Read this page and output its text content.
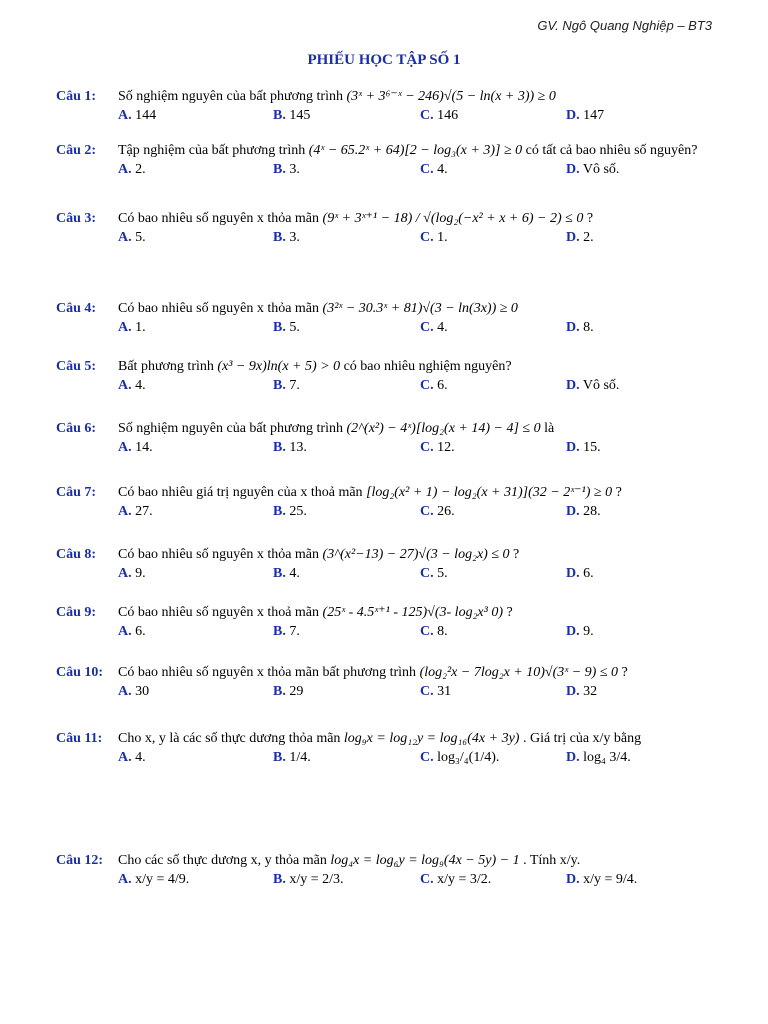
GV. Ngô Quang Nghiệp – BT3
PHIẾU HỌC TẬP SỐ 1
Câu 1:	Số nghiệm nguyên của bất phương trình (3ˣ + 3⁶⁻ˣ − 246)√(5 − ln(x + 3)) ≥ 0
A. 144	B. 145	C. 146	D. 147
Câu 2:	Tập nghiệm của bất phương trình (4ˣ − 65.2ˣ + 64)[2 − log₃(x + 3)] ≥ 0 có tất cả bao nhiêu số nguyên?
A. 2.	B. 3.	C. 4.	D. Vô số.
Câu 3:	Có bao nhiêu số nguyên x thỏa mãn (9ˣ + 3ˣ⁺¹ − 18) / √(log₂(−x² + x + 6) − 2) ≤ 0 ?
A. 5.	B. 3.	C. 1.	D. 2.
Câu 4:	Có bao nhiêu số nguyên x thỏa mãn (3²ˣ − 30.3ˣ + 81)√(3 − ln(3x)) ≥ 0
A. 1.	B. 5.	C. 4.	D. 8.
Câu 5:	Bất phương trình (x³ − 9x)ln(x + 5) > 0 có bao nhiêu nghiệm nguyên?
A. 4.	B. 7.	C. 6.	D. Vô số.
Câu 6:	Số nghiệm nguyên của bất phương trình (2^(x²) − 4ˣ)[log₂(x + 14) − 4] ≤ 0 là
A. 14.	B. 13.	C. 12.	D. 15.
Câu 7:	Có bao nhiêu giá trị nguyên của x thoả mãn [log₂(x² + 1) − log₂(x + 31)](32 − 2ˣ⁻¹) ≥ 0 ?
A. 27.	B. 25.	C. 26.	D. 28.
Câu 8:	Có bao nhiêu số nguyên x thỏa mãn (3^(x²−13) − 27)√(3 − log₂x) ≤ 0 ?
A. 9.	B. 4.	C. 5.	D. 6.
Câu 9:	Có bao nhiêu số nguyên x thoả mãn (25ˣ - 4.5ˣ⁺¹ - 125)√(3- log₂x³ 0) ?
A. 6.	B. 7.	C. 8.	D. 9.
Câu 10:	Có bao nhiêu số nguyên x thỏa mãn bất phương trình (log₂²x − 7log₂x + 10)√(3ˣ − 9) ≤ 0 ?
A. 30	B. 29	C. 31	D. 32
Câu 11:	Cho x, y là các số thực dương thỏa mãn log₉x = log₁₂y = log₁₆(4x + 3y) . Giá trị của x/y bằng
A. 4.	B. 1/4.	C. log₃/₄(1/4).	D. log₄ 3/4.
Câu 12:	Cho các số thực dương x, y thỏa mãn log₄x = log₆y = log₉(4x − 5y) − 1 . Tính x/y.
A. x/y = 4/9.	B. x/y = 2/3.	C. x/y = 3/2.	D. x/y = 9/4.
